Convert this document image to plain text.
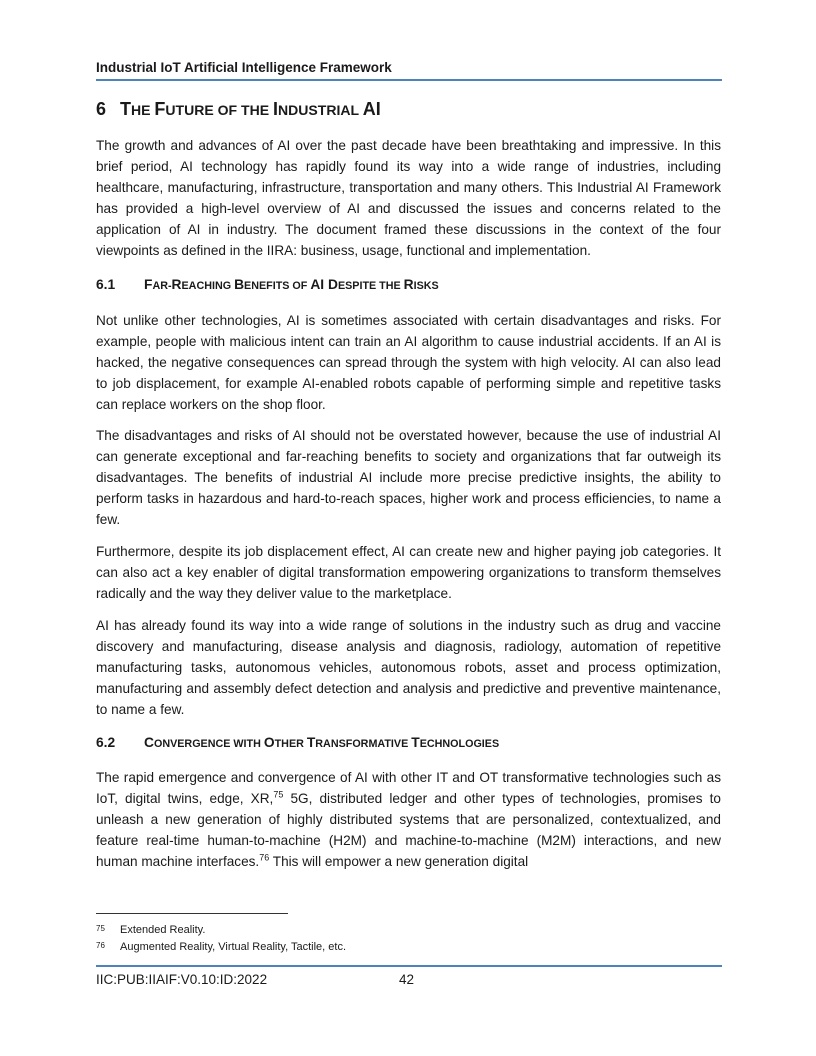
Industrial IoT Artificial Intelligence Framework
6 THE FUTURE OF THE INDUSTRIAL AI
The growth and advances of AI over the past decade have been breathtaking and impressive. In this brief period, AI technology has rapidly found its way into a wide range of industries, including healthcare, manufacturing, infrastructure, transportation and many others. This Industrial AI Framework has provided a high-level overview of AI and discussed the issues and concerns related to the application of AI in industry. The document framed these discussions in the context of the four viewpoints as defined in the IIRA: business, usage, functional and implementation.
6.1 FAR-REACHING BENEFITS OF AI DESPITE THE RISKS
Not unlike other technologies, AI is sometimes associated with certain disadvantages and risks. For example, people with malicious intent can train an AI algorithm to cause industrial accidents. If an AI is hacked, the negative consequences can spread through the system with high velocity. AI can also lead to job displacement, for example AI-enabled robots capable of performing simple and repetitive tasks can replace workers on the shop floor.
The disadvantages and risks of AI should not be overstated however, because the use of industrial AI can generate exceptional and far-reaching benefits to society and organizations that far outweigh its disadvantages. The benefits of industrial AI include more precise predictive insights, the ability to perform tasks in hazardous and hard-to-reach spaces, higher work and process efficiencies, to name a few.
Furthermore, despite its job displacement effect, AI can create new and higher paying job categories. It can also act a key enabler of digital transformation empowering organizations to transform themselves radically and the way they deliver value to the marketplace.
AI has already found its way into a wide range of solutions in the industry such as drug and vaccine discovery and manufacturing, disease analysis and diagnosis, radiology, automation of repetitive manufacturing tasks, autonomous vehicles, autonomous robots, asset and process optimization, manufacturing and assembly defect detection and analysis and predictive and preventive maintenance, to name a few.
6.2 CONVERGENCE WITH OTHER TRANSFORMATIVE TECHNOLOGIES
The rapid emergence and convergence of AI with other IT and OT transformative technologies such as IoT, digital twins, edge, XR,$^{75}$ 5G, distributed ledger and other types of technologies, promises to unleash a new generation of highly distributed systems that are personalized, contextualized, and feature real-time human-to-machine (H2M) and machine-to-machine (M2M) interactions, and new human machine interfaces.$^{76}$ This will empower a new generation digital
75 Extended Reality.
76 Augmented Reality, Virtual Reality, Tactile, etc.
IIC:PUB:IIAIF:V0.10:ID:2022	42
